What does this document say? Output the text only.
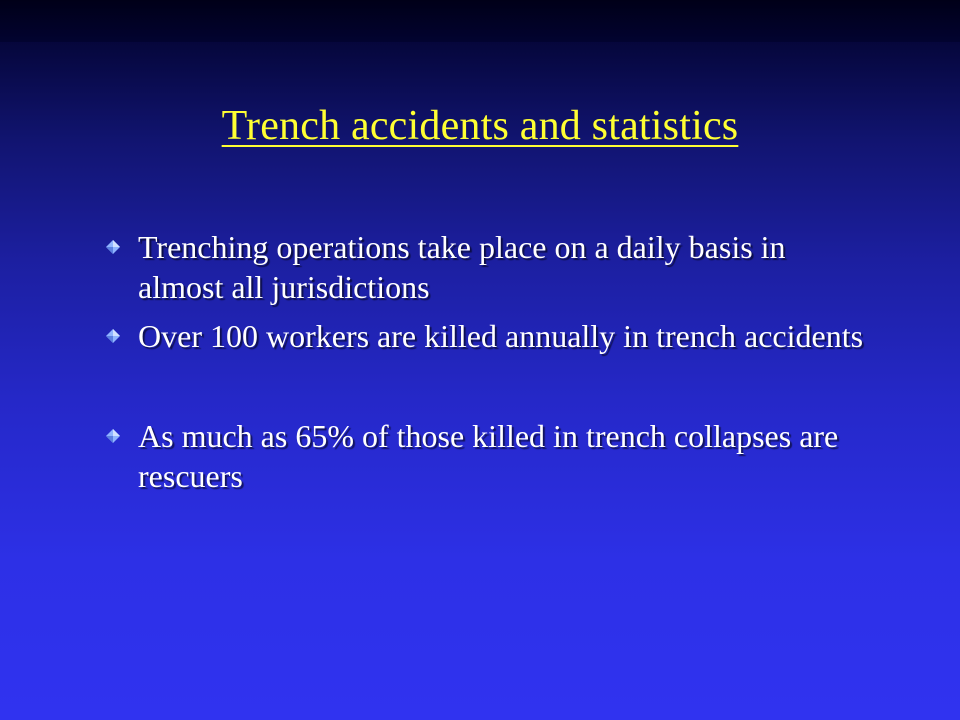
Trench accidents and statistics
Trenching operations take place on a daily basis in almost all jurisdictions
Over 100 workers are killed annually in trench accidents
As much as 65% of those killed in trench collapses are rescuers
